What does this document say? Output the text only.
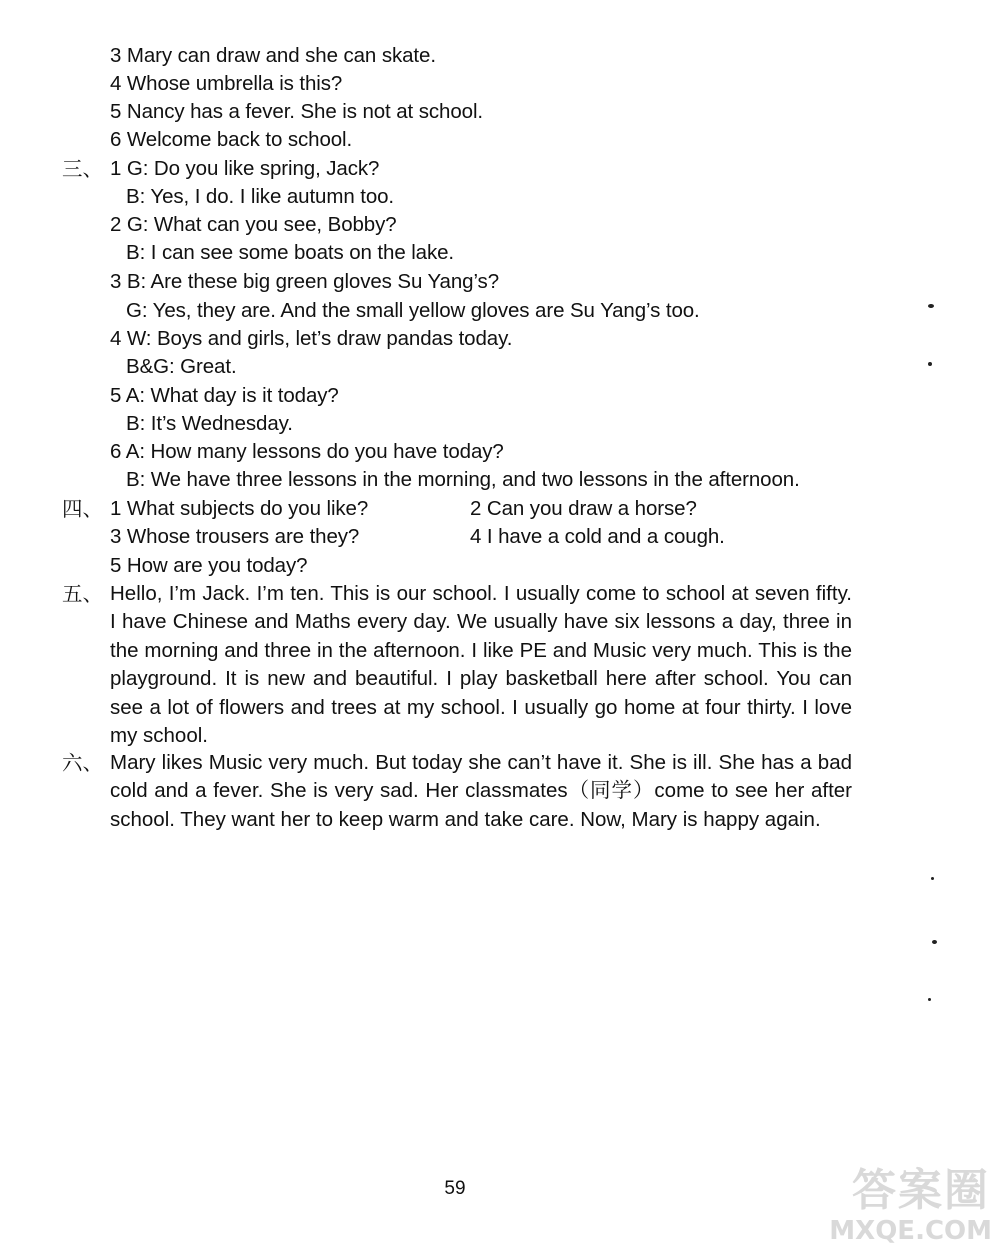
3 Mary can draw and she can skate.
4 Whose umbrella is this?
5 Nancy has a fever. She is not at school.
6 Welcome back to school.
三、 1 G: Do you like spring, Jack?
B: Yes, I do. I like autumn too.
2 G: What can you see, Bobby?
B: I can see some boats on the lake.
3 B: Are these big green gloves Su Yang’s?
G: Yes, they are. And the small yellow gloves are Su Yang’s too.
4 W: Boys and girls, let’s draw pandas today.
B&G: Great.
5 A: What day is it today?
B: It’s Wednesday.
6 A: How many lessons do you have today?
B: We have three lessons in the morning, and two lessons in the afternoon.
四、 1 What subjects do you like?	2 Can you draw a horse?
3 Whose trousers are they?	4 I have a cold and a cough.
5 How are you today?
五、 Hello, I’m Jack. I’m ten. This is our school. I usually come to school at seven fifty. I have Chinese and Maths every day. We usually have six lessons a day, three in the morning and three in the afternoon. I like PE and Music very much. This is the playground. It is new and beautiful. I play basketball here after school. You can see a lot of flowers and trees at my school. I usually go home at four thirty. I love my school.
六、 Mary likes Music very much. But today she can’t have it. She is ill. She has a bad cold and a fever. She is very sad. Her classmates（同学）come to see her after school. They want her to keep warm and take care. Now, Mary is happy again.
59	答案圈
MXQE.COM
